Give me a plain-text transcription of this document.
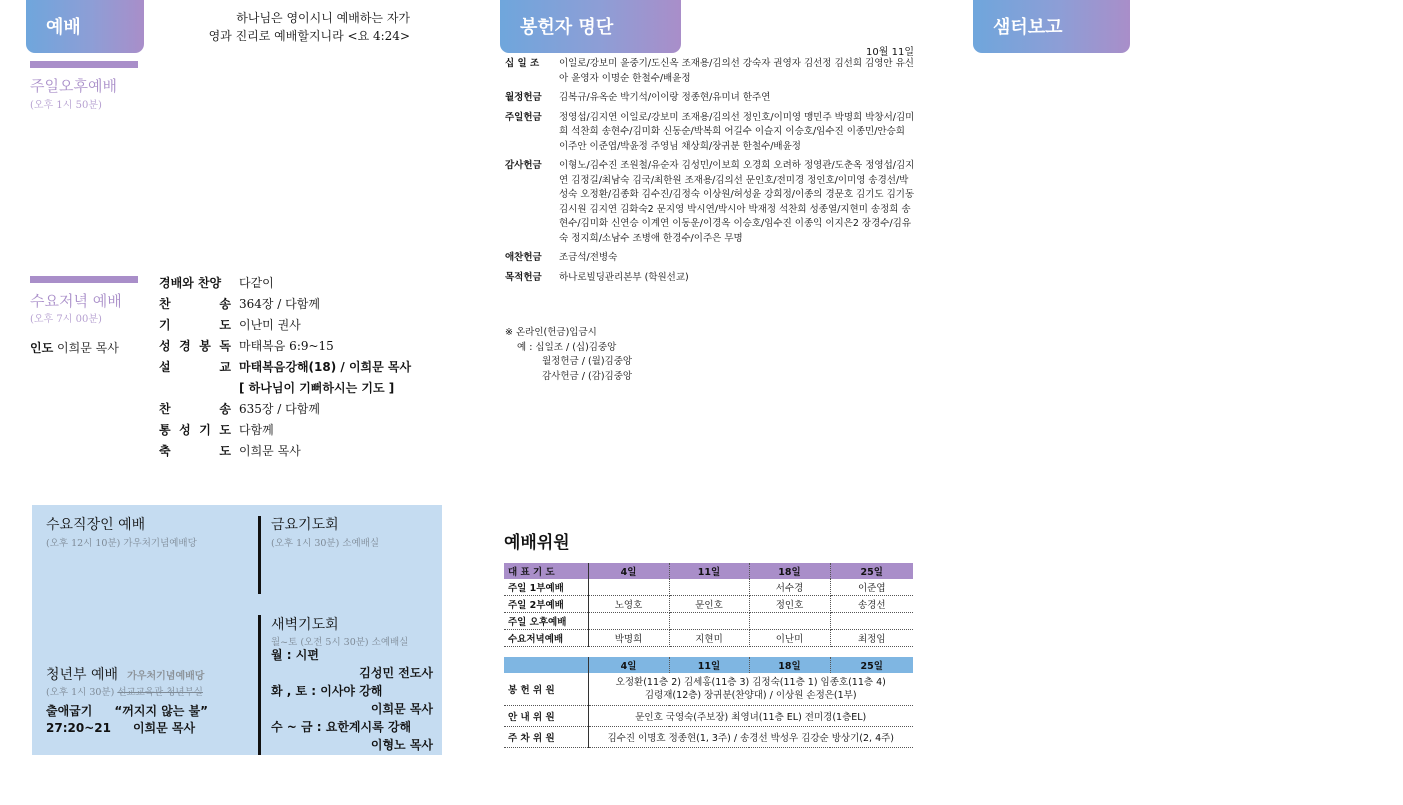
예배	봉헌자 명단	샘터보고
하나님은 영이시니 예배하는 자가
영과 진리로 예배할지니라 <요 4:24>
주일오후예배
(오후 1시 50분)
수요저녁 예배
(오후 7시 00분)
인도 이희문 목사
경배와 찬양	다같이
찬	송 364장 / 다함께
기	도 이난미 권사
성 경 봉 독 마태복음 6:9~15
설	교 마태복음강해(18) / 이희문 목사
[ 하나님이 기뻐하시는 기도 ]
찬	송 635장 / 다함께
통 성 기 도 다함께
축	도 이희문 목사
10월 11일
십 일 조	이일로/강보미 윤중기/도신옥 조재용/김의선 강숙자 권영자 김선정 김선희 김영안 유신아 윤영자 이명순 한철수/배윤정
월정헌금	김복규/유옥순 박기석/이이랑 정종현/유미녀 한주연
주일헌금	정영섭/김지연 이일로/강보미 조재용/김의선 정인호/이미영 맹민주 박명희 박창서/김미희 석찬희 송현수/김미화 신동순/박복희 어길수 이슬지 이승호/임수진 이종민/안승희 이주안 이준엽/박윤정 주영님 채상희/장귀분 한철수/배윤정
감사헌금	이형노/김수진 조원철/유순자 김성민/이보희 오경희 오려하 정영관/도춘옥 정영섭/김지연 김정길/최남숙 김국/최한원 조재용/김의선 문인호/전미경 정인호/이미영 송경선/박성숙 오정환/김종화 김수진/김정숙 이상원/허성윤 강희정/이종의 경문호 김기도 김기동 김시원 김지연 김화숙2 문지영 박시연/박시아 박재정 석찬희 성종열/지현미 송정희 송현수/김미화 신연승 이계연 이동운/이경옥 이승호/임수진 이종익 이지은2 장경수/김유숙 정지희/소남수 조병애 한경수/이주은 무명
애찬헌금	조금석/전병숙
목적헌금	하나로빌딩관리본부 (학원선교)
※ 온라인(헌금)입금시
예 : 십일조 / (십)김중앙
월정헌금 / (월)김중앙
감사헌금 / (감)김중앙
수요직장인 예배
(오후 12시 10분) 가우처기념예배당
금요기도회
(오후 1시 30분) 소예배실
새벽기도회
월~토 (오전 5시 30분) 소예배실
월 : 시편
김성민 전도사
화 , 토 : 이사야 강해
이희문 목사
수 ~ 금 : 요한계시록 강해
이형노 목사
청년부 예배 가우처기념예배당
(오후 1시 30분) 선교교육관 청년부실
출애굽기 “꺼지지 않는 불”
27:20~21 이희문 목사
예배위원
대 표 기 도	4일	11일	18일	25일
주일 1부예배			서수경	이준엽
주일 2부예배	노영호	문인호	정인호	송경선
주일 오후예배				
수요저녁예배	박명희	지현미	이난미	최정임
	4일	11일	18일	25일
봉 헌 위 원	오정환(11층 2) 김세홍(11층 3) 김정숙(11층 1) 임종호(11층 4)
김령재(12층) 장귀분(찬양대) / 이상원 손정은(1부)			

안 내 위 원	문인호 국영숙(주보장) 최영녀(11층 EL) 전미경(1층EL)			
주 차 위 원	김수진 이명호 정종현(1, 3주) / 송경선 박성우 김강순 방상기(2, 4주)			
